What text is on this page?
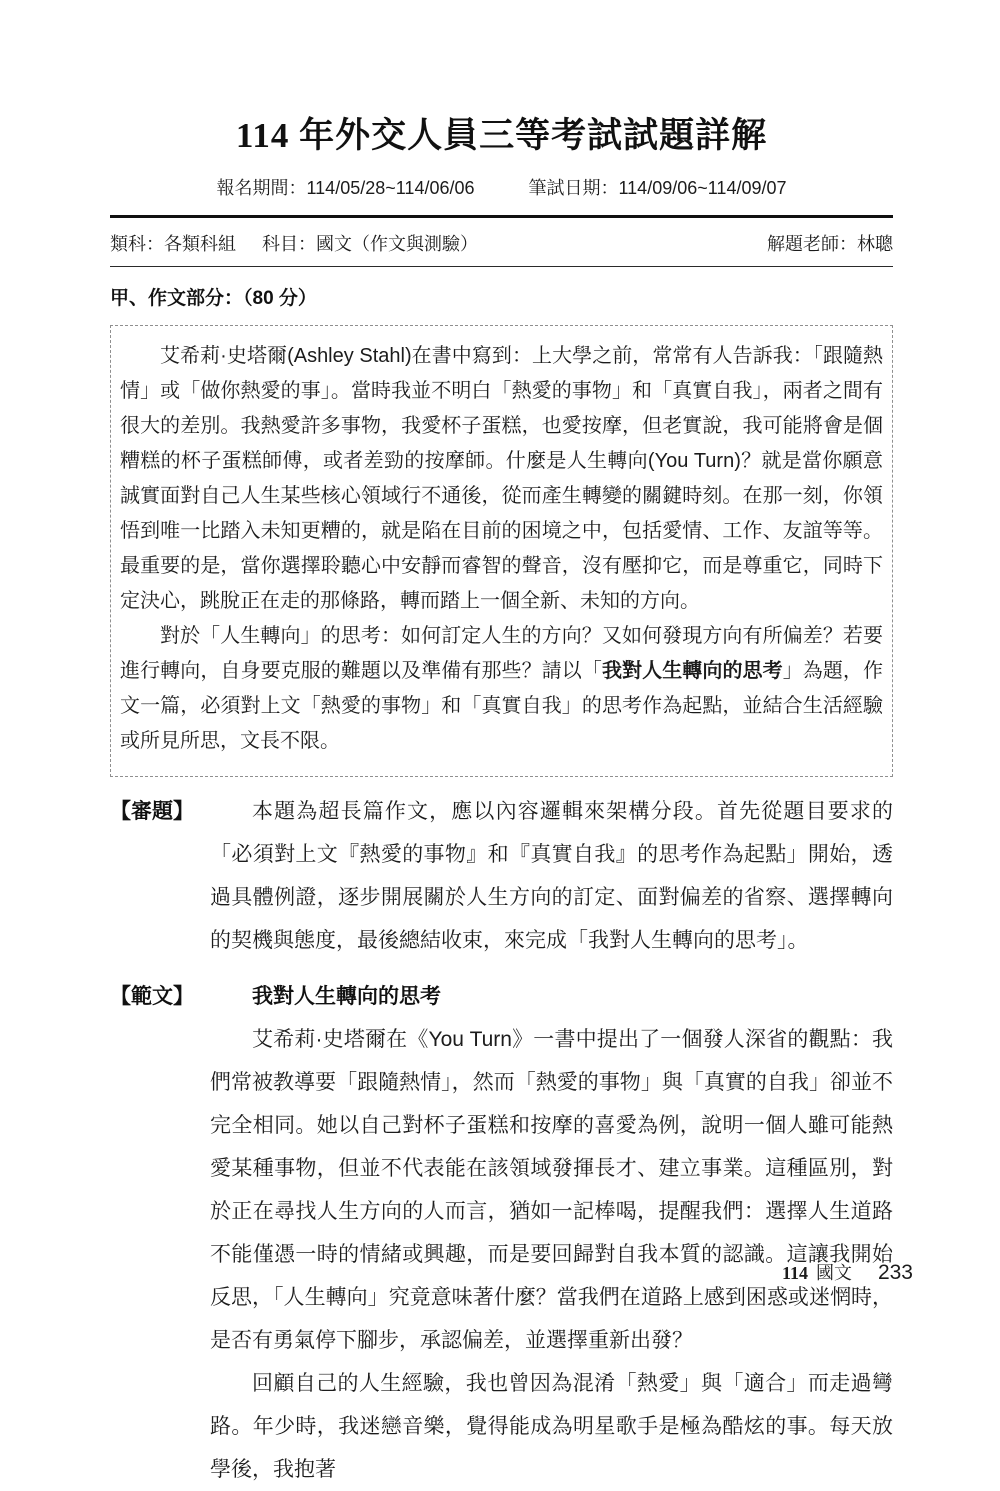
114 年外交人員三等考試試題詳解
報名期間：114/05/28~114/06/06	筆試日期：114/09/06~114/09/07
類科：各類科組 科目：國文（作文與測驗）	解題老師：林聰
甲、作文部分：（80 分）

艾希莉·史塔爾(Ashley Stahl)在書中寫到：上大學之前，常常有人告訴我：「跟隨熱情」或「做你熱愛的事」。當時我並不明白「熱愛的事物」和「真實自我」，兩者之間有很大的差別。我熱愛許多事物，我愛杯子蛋糕，也愛按摩，但老實說，我可能將會是個糟糕的杯子蛋糕師傅，或者差勁的按摩師。什麼是人生轉向(You Turn)？就是當你願意誠實面對自己人生某些核心領域行不通後，從而產生轉變的關鍵時刻。在那一刻，你領悟到唯一比踏入未知更糟的，就是陷在目前的困境之中，包括愛情、工作、友誼等等。最重要的是，當你選擇聆聽心中安靜而睿智的聲音，沒有壓抑它，而是尊重它，同時下定決心，跳脫正在走的那條路，轉而踏上一個全新、未知的方向。

對於「人生轉向」的思考：如何訂定人生的方向？又如何發現方向有所偏差？若要進行轉向，自身要克服的難題以及準備有那些？請以「我對人生轉向的思考」為題，作文一篇，必須對上文「熱愛的事物」和「真實自我」的思考作為起點，並結合生活經驗或所見所思，文長不限。

【審題】	本題為超長篇作文，應以內容邏輯來架構分段。首先從題目要求的「必須對上文『熱愛的事物』和『真實自我』的思考作為起點」開始，透過具體例證，逐步開展關於人生方向的訂定、面對偏差的省察、選擇轉向的契機與態度，最後總結收束，來完成「我對人生轉向的思考」。

【範文】	我對人生轉向的思考

艾希莉·史塔爾在《You Turn》一書中提出了一個發人深省的觀點：我們常被教導要「跟隨熱情」，然而「熱愛的事物」與「真實的自我」卻並不完全相同。她以自己對杯子蛋糕和按摩的喜愛為例，說明一個人雖可能熱愛某種事物，但並不代表能在該領域發揮長才、建立事業。這種區別，對於正在尋找人生方向的人而言，猶如一記棒喝，提醒我們：選擇人生道路不能僅憑一時的情緒或興趣，而是要回歸對自我本質的認識。這讓我開始反思，「人生轉向」究竟意味著什麼？當我們在道路上感到困惑或迷惘時，是否有勇氣停下腳步，承認偏差，並選擇重新出發？

回顧自己的人生經驗，我也曾因為混淆「熱愛」與「適合」而走過彎路。年少時，我迷戀音樂，覺得能成為明星歌手是極為酷炫的事。每天放學後，我抱著

114 國文 233
